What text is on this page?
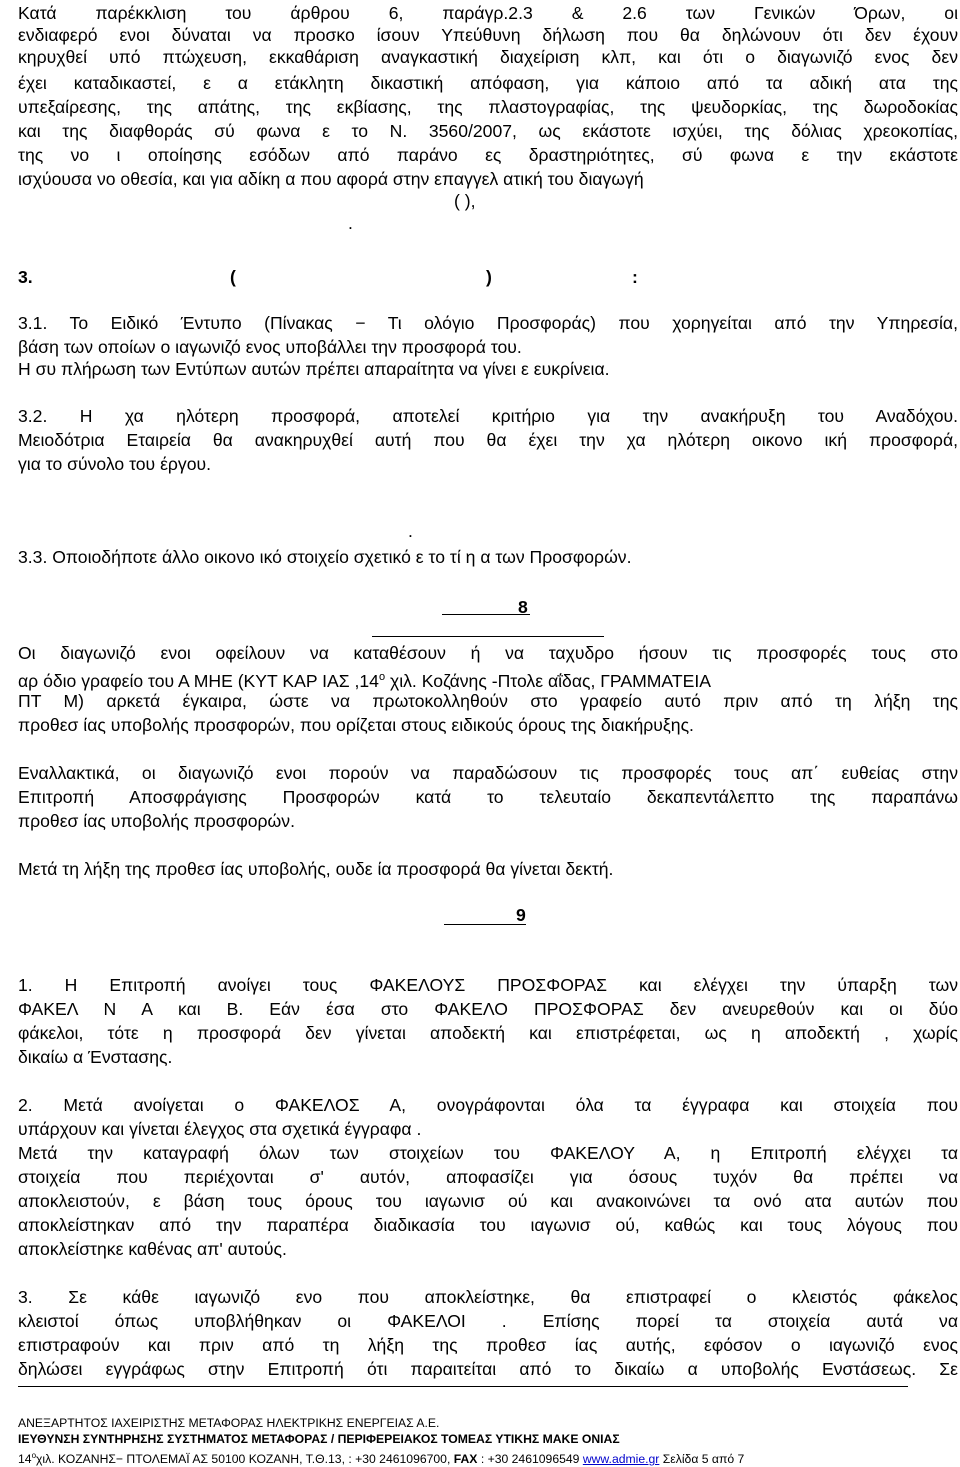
Κατά παρέκκλιση του άρθρου 6, παράγρ.2.3 & 2.6 των Γενικών Όρων, οι

ενδιαφερό ενοι δύναται να προσκο ίσουν Υπεύθυνη δήλωση που θα δηλώνουν ότι δεν έχουν

κηρυχθεί υπό πτώχευση, εκκαθάριση αναγκαστική διαχείριση κλπ, και ότι ο διαγωνιζό ενος δεν

έχει καταδικαστεί, ε α ετάκλητη δικαστική απόφαση, για κάποιο από τα αδική ατα της

υπεξαίρεσης, της απάτης, της εκβίασης, της πλαστογραφίας, της ψευδορκίας, της δωροδοκίας

και της διαφθοράς σύ φωνα ε το Ν. 3560/2007, ως εκάστοτε ισχύει, της δόλιας χρεοκοπίας,

της νο ι οποίησης εσόδων από παράνο ες δραστηριότητες, σύ φωνα ε την εκάστοτε

ισχύουσα νο οθεσία, και για αδίκη α που αφορά στην επαγγελ ατική του διαγωγή

( ),

.

3.	(	)	:

3.1. Το Ειδικό Έντυπο (Πίνακας − Τι ολόγιο Προσφοράς) που χορηγείται από την Υπηρεσία,

βάση των οποίων ο ιαγωνιζό ενος υποβάλλει την προσφορά του.

Η συ πλήρωση των Εντύπων αυτών πρέπει απαραίτητα να γίνει ε ευκρίνεια.

3.2. Η χα ηλότερη προσφορά, αποτελεί κριτήριο για την ανακήρυξη του Αναδόχου.

Μειοδότρια Εταιρεία θα ανακηρυχθεί αυτή που θα έχει την χα ηλότερη οικονο ική προσφορά,

για το σύνολο του έργου.

.

3.3. Οποιοδήποτε άλλο οικονο ικό στοιχείο σχετικό ε το τί η α των Προσφορών.

8

Οι διαγωνιζό ενοι οφείλουν να καταθέσουν ή να ταχυδρο ήσουν τις προσφορές τους στο

αρ όδιο γραφείο του Α ΜΗΕ (ΚΥΤ ΚΑΡ ΙΑΣ $,14^o$ χιλ. Κοζάνης -Πτολε αΐδας, ΓΡΑΜΜΑΤΕΙΑ

ΠΤ Μ) αρκετά έγκαιρα, ώστε να πρωτοκολληθούν στο γραφείο αυτό πριν από τη λήξη της

προθεσ ίας υποβολής προσφορών, που ορίζεται στους ειδικούς όρους της διακήρυξης.

Εναλλακτικά, οι διαγωνιζό ενοι πορούν να παραδώσουν τις προσφορές τους απ΄ ευθείας στην

Επιτροπή Αποσφράγισης Προσφορών κατά το τελευταίο δεκαπεντάλεπτο της παραπάνω

προθεσ ίας υποβολής προσφορών.

Μετά τη λήξη της προθεσ ίας υποβολής, ουδε ία προσφορά θα γίνεται δεκτή.

9

1. Η Επιτροπή ανοίγει τους ΦΑΚΕΛΟΥΣ ΠΡΟΣΦΟΡΑΣ και ελέγχει την ύπαρξη των

ΦΑΚΕΛ Ν Α και Β. Εάν έσα στο ΦΑΚΕΛΟ ΠΡΟΣΦΟΡΑΣ δεν ανευρεθούν και οι δύο

φάκελοι, τότε η προσφορά δεν γίνεται αποδεκτή και επιστρέφεται, ως η αποδεκτή , χωρίς

δικαίω α Ένστασης.

2. Μετά ανοίγεται ο ΦΑΚΕΛΟΣ Α, ονογράφονται όλα τα έγγραφα και στοιχεία που

υπάρχουν και γίνεται έλεγχος στα σχετικά έγγραφα .

Μετά την καταγραφή όλων των στοιχείων του ΦΑΚΕΛΟΥ Α, η Επιτροπή ελέγχει τα

στοιχεία που περιέχονται σ' αυτόν, αποφασίζει για όσους τυχόν θα πρέπει να

αποκλειστούν, ε βάση τους όρους του ιαγωνισ ού και ανακοινώνει τα ονό ατα αυτών που

αποκλείστηκαν από την παραπέρα διαδικασία του ιαγωνισ ού, καθώς και τους λόγους που

αποκλείστηκε καθένας απ' αυτούς.

3. Σε κάθε ιαγωνιζό ενο που αποκλείστηκε, θα επιστραφεί ο κλειστός φάκελος

κλειστοί όπως υποβλήθηκαν οι ΦΑΚΕΛΟΙ . Επίσης πορεί τα στοιχεία αυτά να

επιστραφούν και πριν από τη λήξη της προθεσ ίας αυτής, εφόσον ο ιαγωνιζό ενος

δηλώσει εγγράφως στην Επιτροπή ότι παραιτείται από το δικαίω α υποβολής Ενστάσεως. Σε

ΑΝΕΞΑΡΤΗΤΟΣ ΙΑΧΕΙΡΙΣΤΗΣ ΜΕΤΑΦΟΡΑΣ ΗΛΕΚΤΡΙΚΗΣ ΕΝΕΡΓΕΙΑΣ Α.Ε.

ΙΕΥΘΥΝΣΗ ΣΥΝΤΗΡΗΣΗΣ ΣΥΣΤΗΜΑΤΟΣ ΜΕΤΑΦΟΡΑΣ / ΠΕΡΙΦΕΡΕΙΑΚΟΣ ΤΟΜΕΑΣ ΥΤΙΚΗΣ ΜΑΚΕ ΟΝΙΑΣ

$14^o\chi\iota\lambda$. ΚΟΖΑΝΗΣ− ΠΤΟΛΕΜΑΪ ΑΣ 50100 ΚΟΖΑΝΗ, Τ.Θ.13, : +30 2461096700, FAX : +30 2461096549 www.admie.gr Σελίδα 5 από 7
